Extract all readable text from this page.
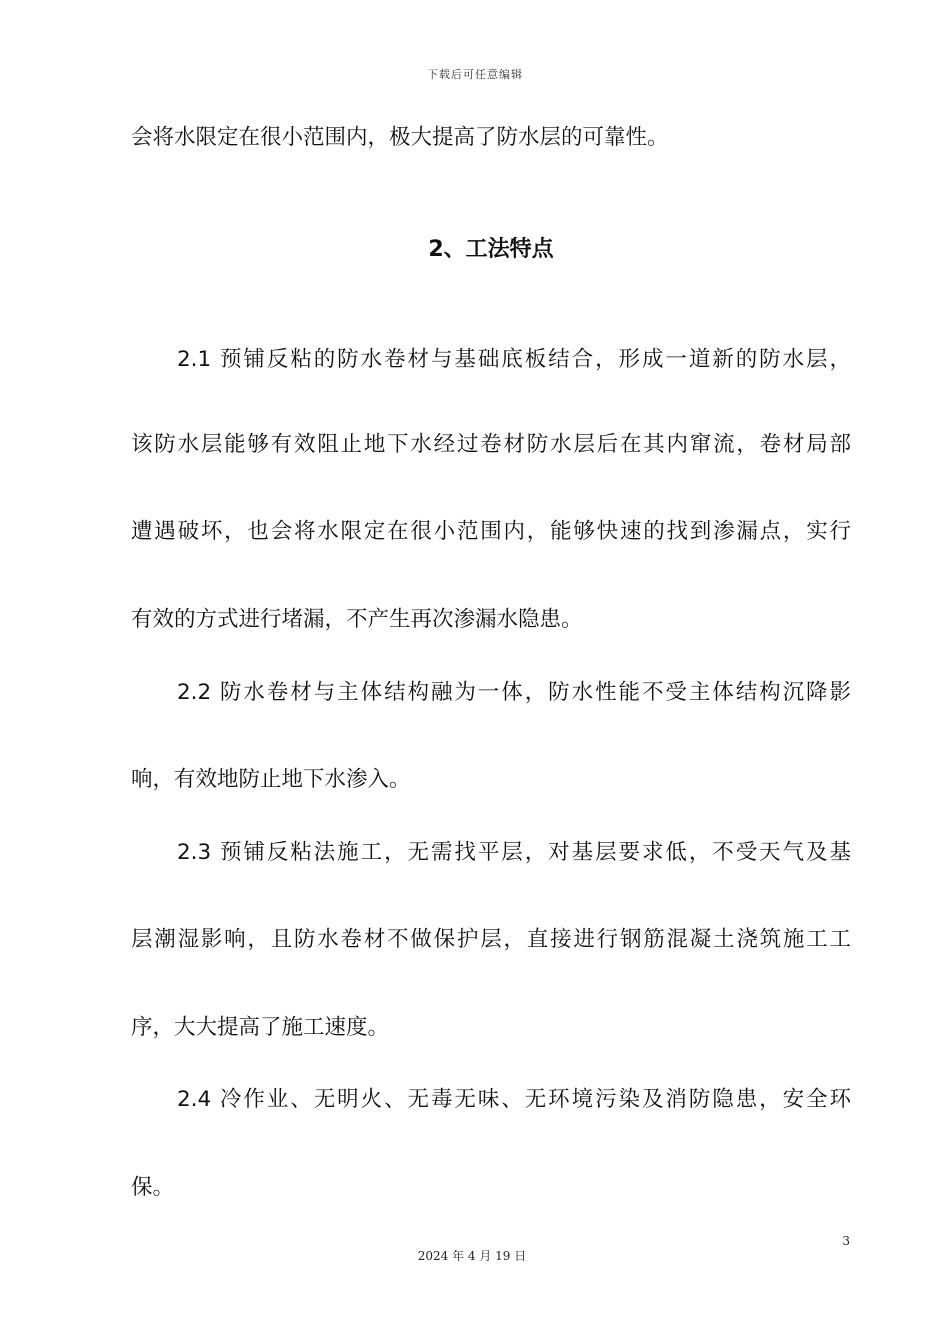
下载后可任意编辑
会将水限定在很小范围内，极大提高了防水层的可靠性。
2、工法特点
2.1 预铺反粘的防水卷材与基础底板结合，形成一道新的防水层，
该防水层能够有效阻止地下水经过卷材防水层后在其内窜流，卷材局部
遭遇破坏，也会将水限定在很小范围内，能够快速的找到渗漏点，实行
有效的方式进行堵漏，不产生再次渗漏水隐患。
2.2 防水卷材与主体结构融为一体，防水性能不受主体结构沉降影
响，有效地防止地下水渗入。
2.3 预铺反粘法施工，无需找平层，对基层要求低，不受天气及基
层潮湿影响，且防水卷材不做保护层，直接进行钢筋混凝土浇筑施工工
序，大大提高了施工速度。
2.4 冷作业、无明火、无毒无味、无环境污染及消防隐患，安全环
保。
3
2024 年 4 月 19 日
